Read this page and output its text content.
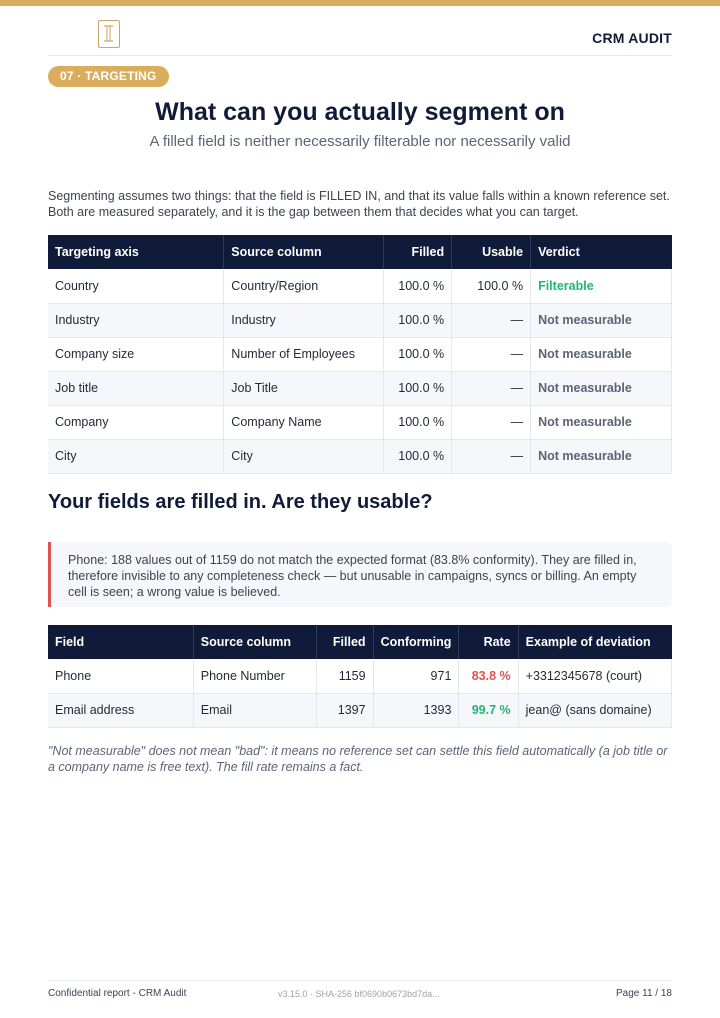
CRM AUDIT
07 · TARGETING
What can you actually segment on
A filled field is neither necessarily filterable nor necessarily valid

Segmenting assumes two things: that the field is FILLED IN, and that its value falls within a known reference set. Both are measured separately, and it is the gap between them that decides what you can target.

Targeting axis	Source column	Filled	Usable	Verdict
Country	Country/Region	100.0 %	100.0 %	Filterable
Industry	Industry	100.0 %	—	Not measurable
Company size	Number of Employees	100.0 %	—	Not measurable
Job title	Job Title	100.0 %	—	Not measurable
Company	Company Name	100.0 %	—	Not measurable
City	City	100.0 %	—	Not measurable
Your fields are filled in. Are they usable?
Phone: 188 values out of 1159 do not match the expected format (83.8% conformity). They are filled in, therefore invisible to any completeness check — but unusable in campaigns, syncs or billing. An empty cell is seen; a wrong value is believed.
Field	Source column	Filled	Conforming	Rate	Example of deviation
Phone	Phone Number	1159	971	83.8 %	+3312345678 (court)
Email address	Email	1397	1393	99.7 %	jean@ (sans domaine)

"Not measurable" does not mean "bad": it means no reference set can settle this field automatically (a job title or a company name is free text). The fill rate remains a fact.

Confidential report - CRM Audit	v3.15.0 · SHA-256 bf0690b0673bd7da...	Page 11 / 18
